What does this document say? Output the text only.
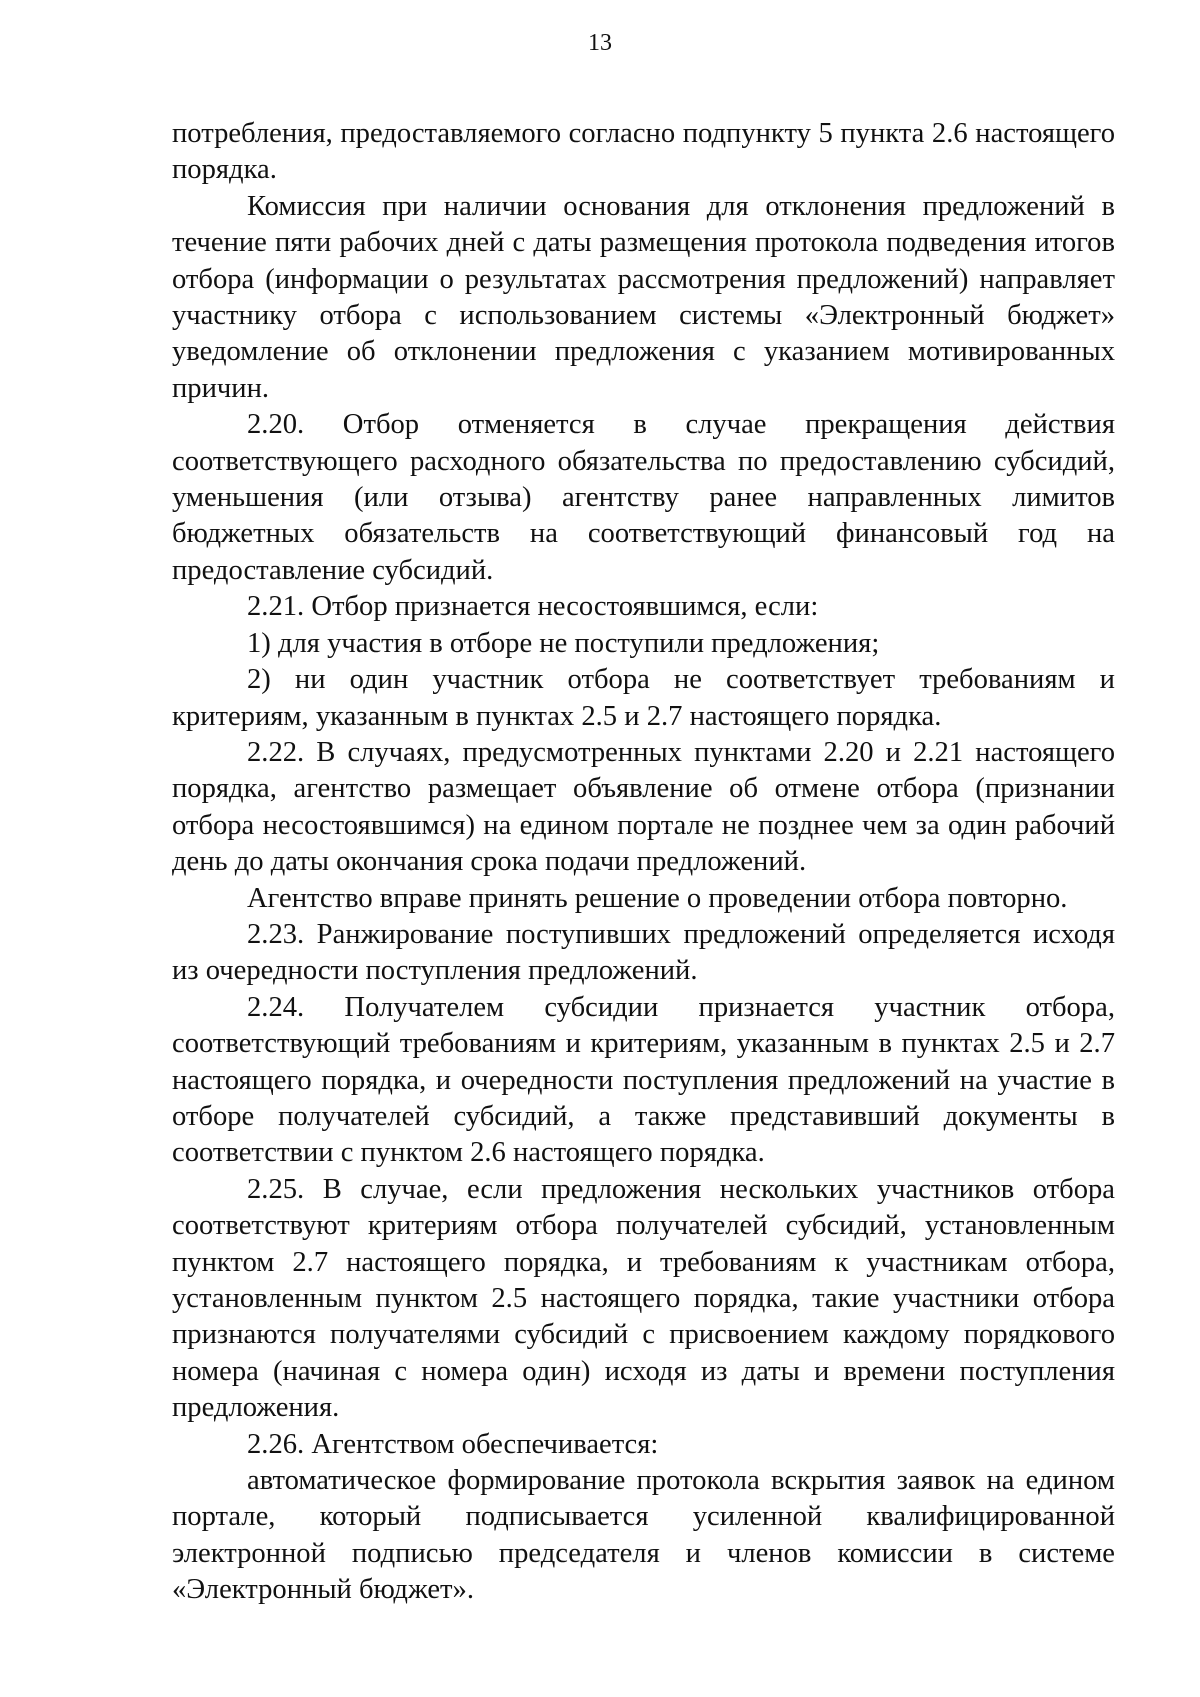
13

потребления, предоставляемого согласно подпункту 5 пункта 2.6 настоящего порядка.

Комиссия при наличии основания для отклонения предложений в течение пяти рабочих дней с даты размещения протокола подведения итогов отбора (информации о результатах рассмотрения предложений) направляет участнику отбора с использованием системы «Электронный бюджет» уведомление об отклонении предложения с указанием мотивированных причин.

2.20. Отбор отменяется в случае прекращения действия соответствующего расходного обязательства по предоставлению субсидий, уменьшения (или отзыва) агентству ранее направленных лимитов бюджетных обязательств на соответствующий финансовый год на предоставление субсидий.

2.21. Отбор признается несостоявшимся, если:

1) для участия в отборе не поступили предложения;

2) ни один участник отбора не соответствует требованиям и критериям, указанным в пунктах 2.5 и 2.7 настоящего порядка.

2.22. В случаях, предусмотренных пунктами 2.20 и 2.21 настоящего порядка, агентство размещает объявление об отмене отбора (признании отбора несостоявшимся) на едином портале не позднее чем за один рабочий день до даты окончания срока подачи предложений.

Агентство вправе принять решение о проведении отбора повторно.

2.23. Ранжирование поступивших предложений определяется исходя из очередности поступления предложений.

2.24. Получателем субсидии признается участник отбора, соответствующий требованиям и критериям, указанным в пунктах 2.5 и 2.7 настоящего порядка, и очередности поступления предложений на участие в отборе получателей субсидий, а также представивший документы в соответствии с пунктом 2.6 настоящего порядка.

2.25. В случае, если предложения нескольких участников отбора соответствуют критериям отбора получателей субсидий, установленным пунктом 2.7 настоящего порядка, и требованиям к участникам отбора, установленным пунктом 2.5 настоящего порядка, такие участники отбора признаются получателями субсидий с присвоением каждому порядкового номера (начиная с номера один) исходя из даты и времени поступления предложения.

2.26. Агентством обеспечивается:

автоматическое формирование протокола вскрытия заявок на едином портале, который подписывается усиленной квалифицированной электронной подписью председателя и членов комиссии в системе «Электронный бюджет».
